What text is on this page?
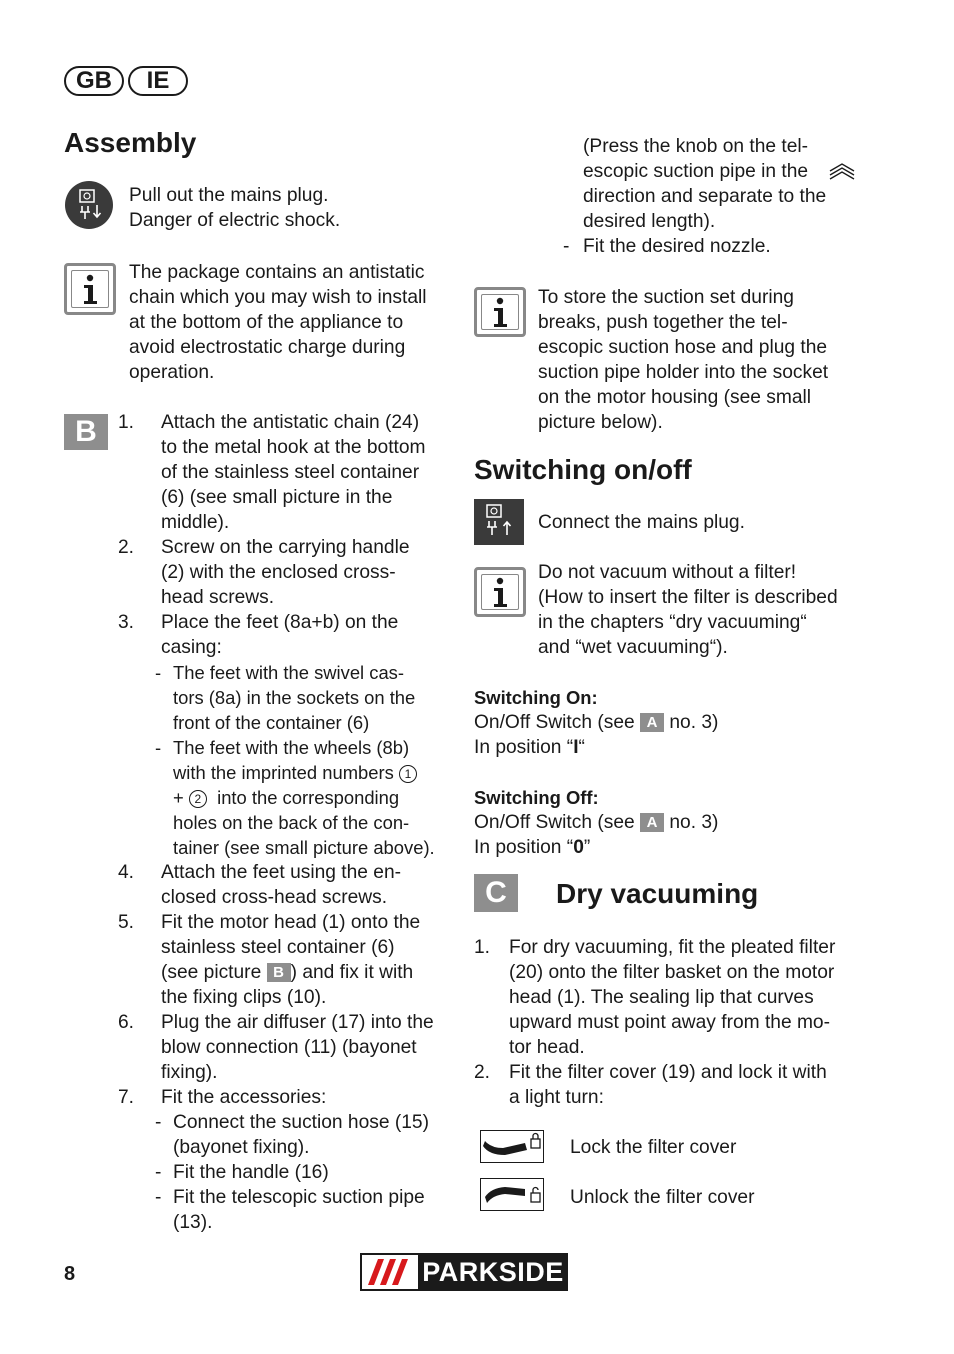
GB	IE
Assembly
Pull out the mains plug.
Danger of electric shock.
The package contains an antistatic
chain which you may wish to install
at the bottom of the appliance to
avoid electrostatic charge during
operation.
B	1. Attach the antistatic chain (24)
to the metal hook at the bottom
of the stainless steel container
(6) (see small picture in the
middle).
2. Screw on the carrying handle
(2) with the enclosed cross-
head screws.
3. Place the feet (8a+b) on the
casing:
- The feet with the swivel cas-
tors (8a) in the sockets on the
front of the container (6)
- The feet with the wheels (8b)
with the imprinted numbers 1
+ 2 into the corresponding
holes on the back of the con-
tainer (see small picture above).
4. Attach the feet using the en-
closed cross-head screws.
5. Fit the motor head (1) onto the
stainless steel container (6)
(see picture B ) and fix it with
the fixing clips (10).
6. Plug the air diffuser (17) into the
blow connection (11) (bayonet
fixing).
7. Fit the accessories:
- Connect the suction hose (15)
(bayonet fixing).
- Fit the handle (16)
- Fit the telescopic suction pipe
(13).
(Press the knob on the tel-
escopic suction pipe in the
direction and separate to the
desired length).
- Fit the desired nozzle.
To store the suction set during
breaks, push together the tel-
escopic suction hose and plug the
suction pipe holder into the socket
on the motor housing (see small
picture below).
Switching on/off
Connect the mains plug.
Do not vacuum without a filter!
(How to insert the filter is described
in the chapters “dry vacuuming“
and “wet vacuuming“).
Switching On:
On/Off Switch (see A no. 3)
In position “I“
Switching Off:
On/Off Switch (see A no. 3)
In position “0”
C	Dry vacuuming
1. For dry vacuuming, fit the pleated filter
(20) onto the filter basket on the motor
head (1). The sealing lip that curves
upward must point away from the mo-
tor head.
2. Fit the filter cover (19) and lock it with
a light turn:
Lock the filter cover
Unlock the filter cover
8	PARKSIDE
